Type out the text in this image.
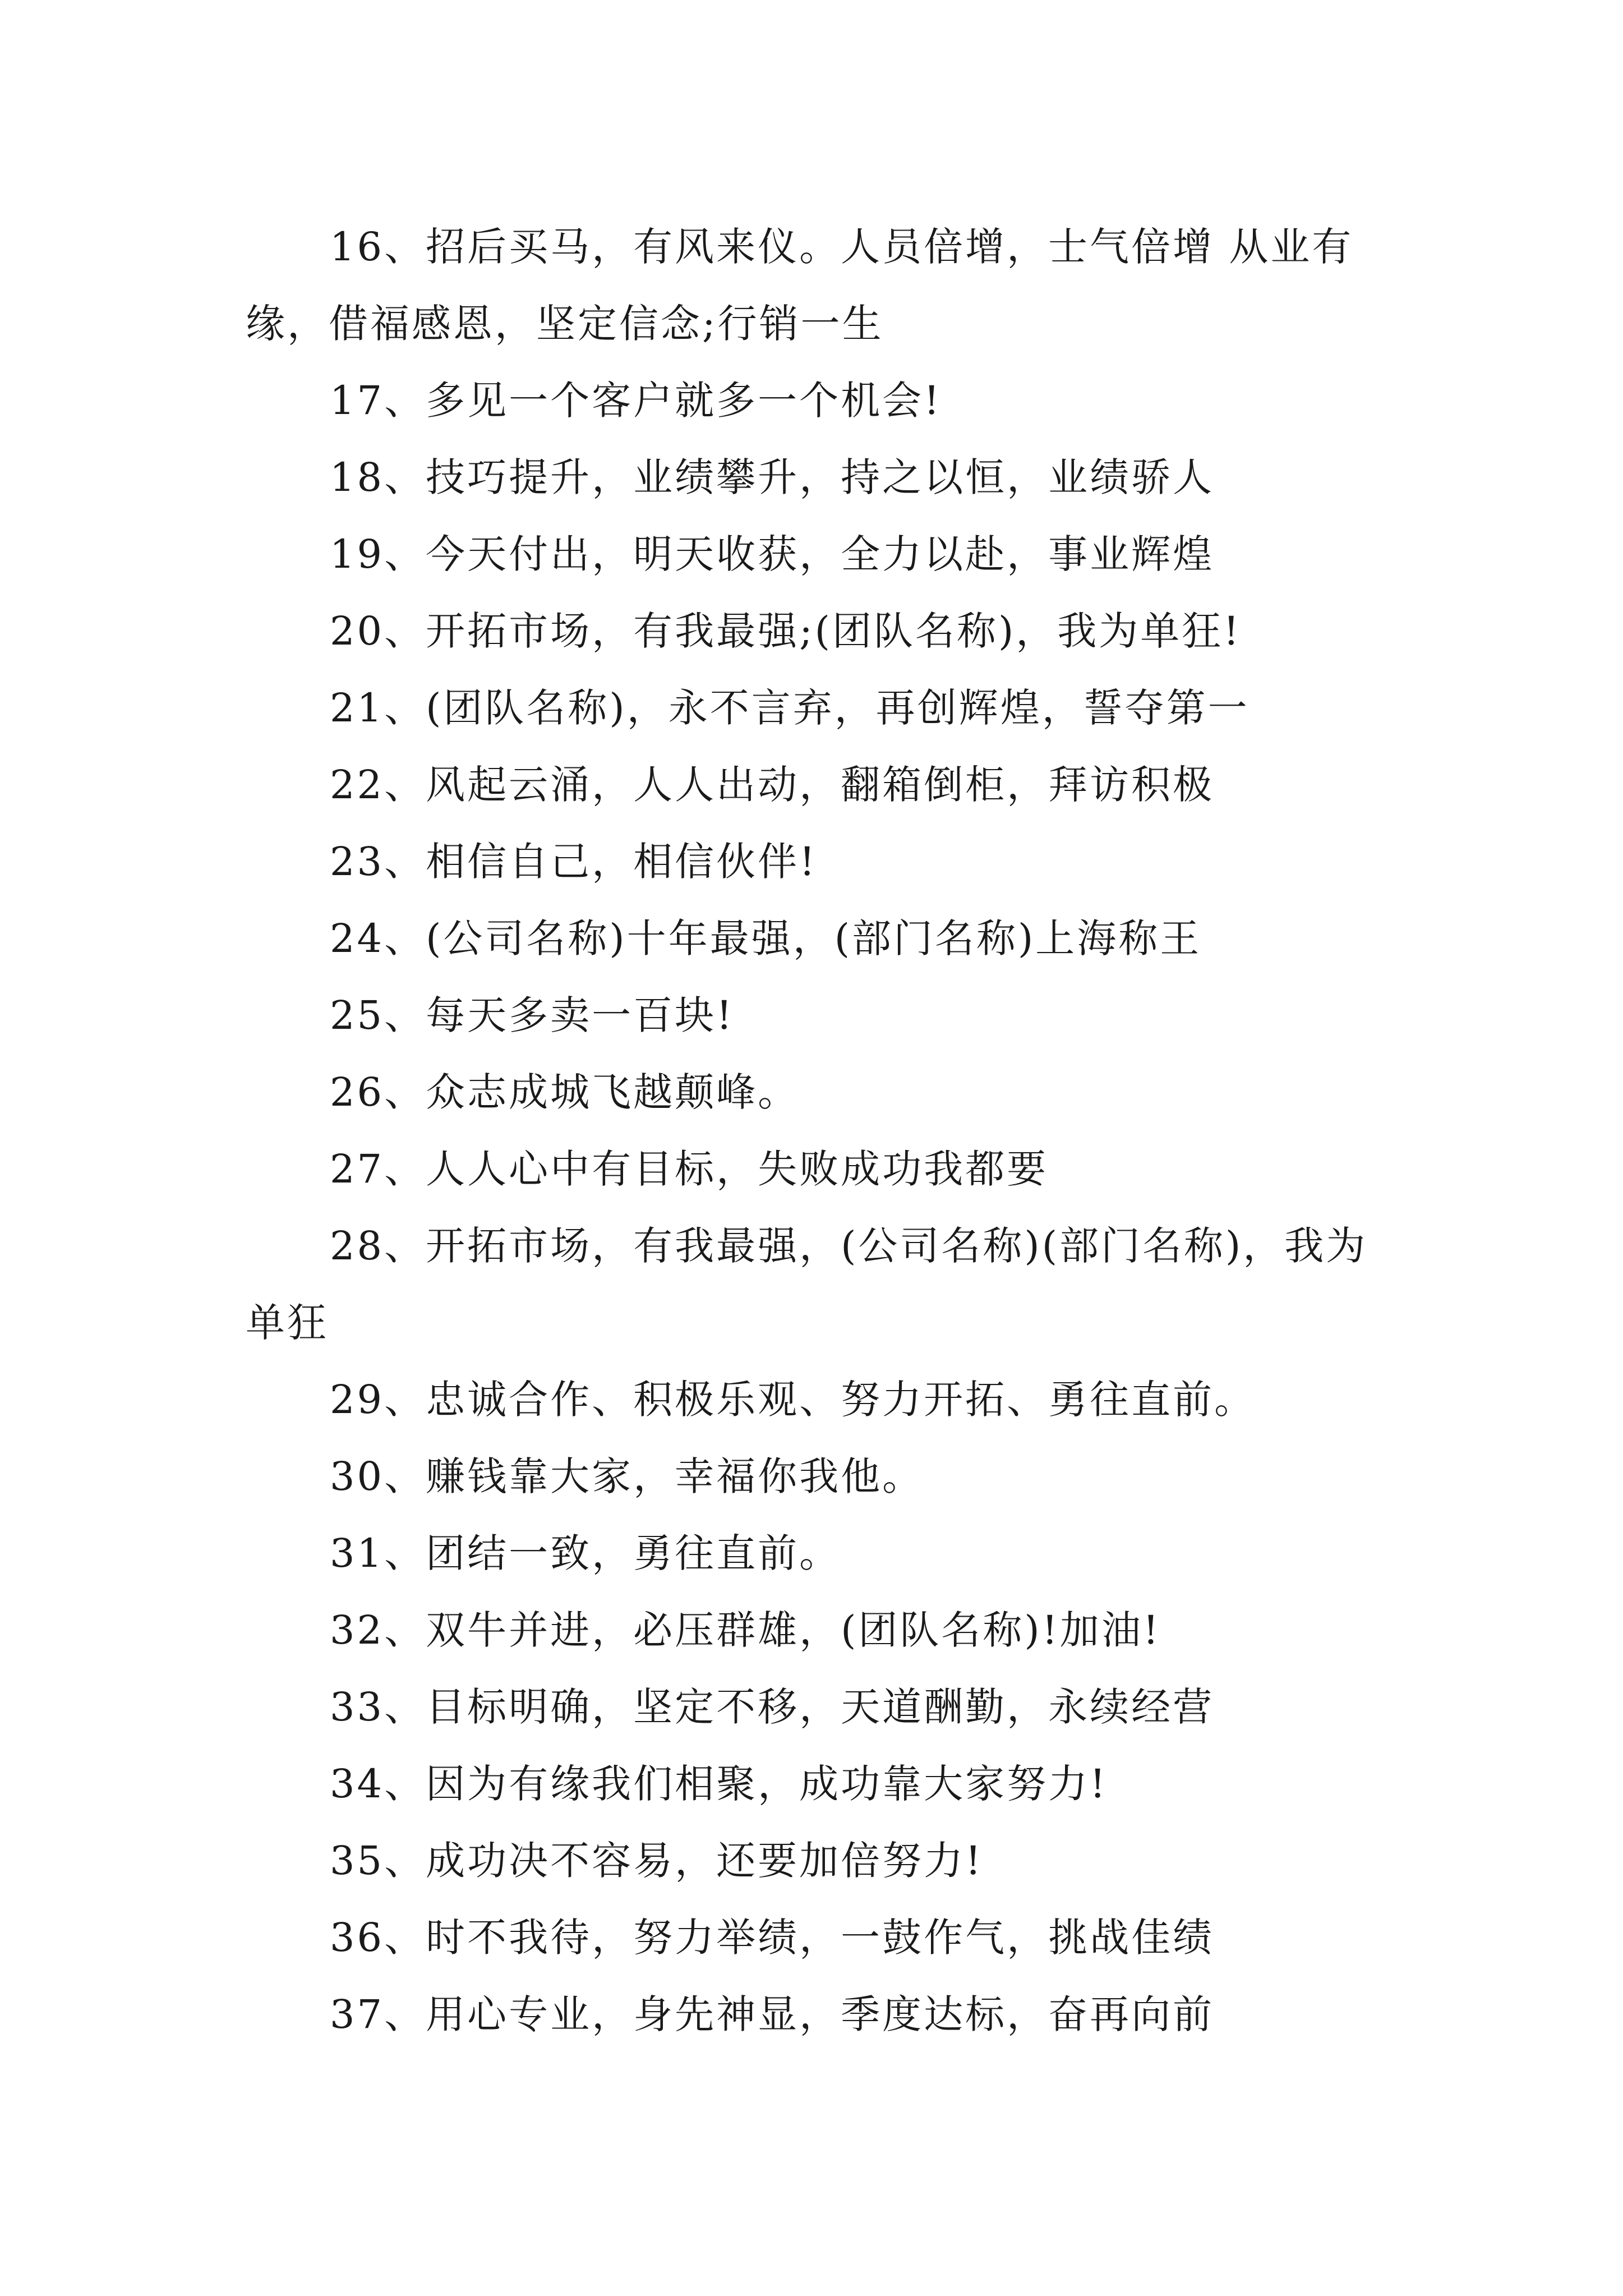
16、招后买马，有风来仪。人员倍增，士气倍增 从业有缘，借福感恩，坚定信念;行销一生

17、多见一个客户就多一个机会!

18、技巧提升，业绩攀升，持之以恒，业绩骄人

19、今天付出，明天收获，全力以赴，事业辉煌

20、开拓市场，有我最强;(团队名称)，我为单狂!

21、(团队名称)，永不言弃，再创辉煌，誓夺第一

22、风起云涌，人人出动，翻箱倒柜，拜访积极

23、相信自己，相信伙伴!

24、(公司名称)十年最强，(部门名称)上海称王

25、每天多卖一百块!

26、众志成城飞越颠峰。

27、人人心中有目标，失败成功我都要

28、开拓市场，有我最强，(公司名称)(部门名称)，我为单狂

29、忠诚合作、积极乐观、努力开拓、勇往直前。

30、赚钱靠大家，幸福你我他。

31、团结一致，勇往直前。

32、双牛并进，必压群雄，(团队名称)!加油!

33、目标明确，坚定不移，天道酬勤，永续经营

34、因为有缘我们相聚，成功靠大家努力!

35、成功决不容易，还要加倍努力!

36、时不我待，努力举绩，一鼓作气，挑战佳绩

37、用心专业，身先神显，季度达标，奋再向前
